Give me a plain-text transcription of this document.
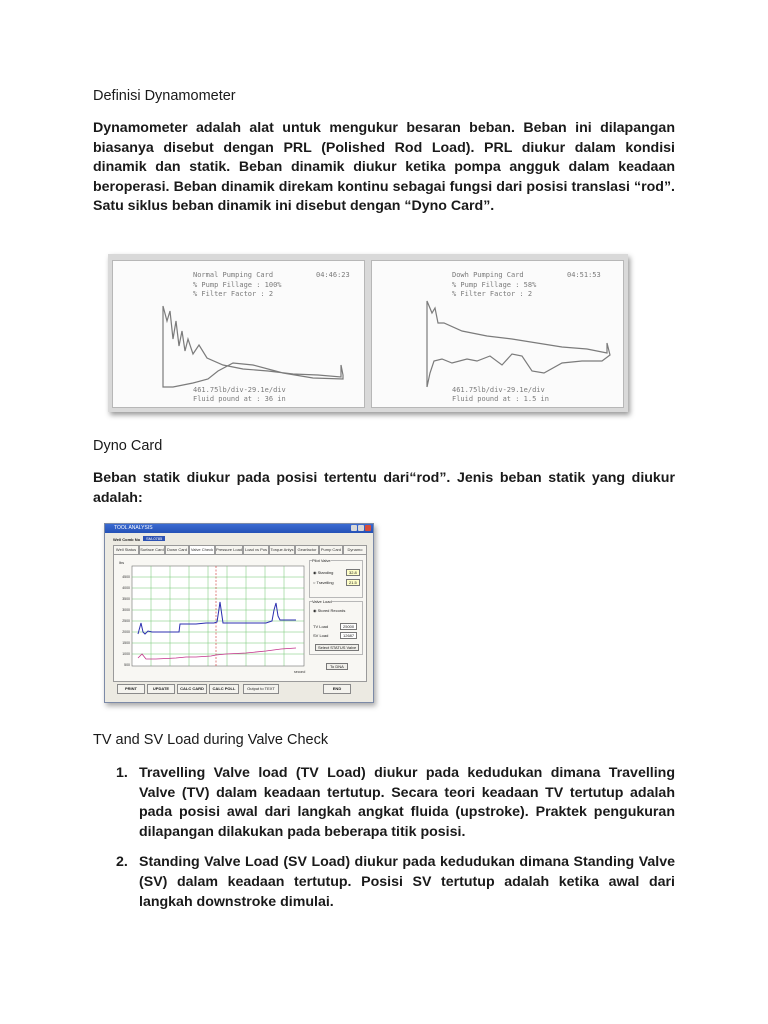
Definisi Dynamometer
Dynamometer adalah alat untuk mengukur besaran beban. Beban ini dilapangan biasanya disebut dengan PRL (Polished Rod Load). PRL diukur dalam kondisi dinamik dan statik. Beban dinamik diukur ketika pompa angguk dalam keadaan beroperasi. Beban dinamik direkam kontinu sebagai fungsi dari posisi translasi “rod”. Satu siklus beban dinamik ini disebut dengan “Dyno Card”.
Normal Pumping Card	04:46:23
% Pump Fillage : 100%
% Filter Factor : 2
461.75lb/div-29.1e/div
Fluid pound at : 36 in
Dowh Pumping Card	04:51:53
% Pump Fillage : 58%
% Filter Factor : 2
461.75lb/div-29.1e/div
Fluid pound at : 1.5 in
Dyno Card
Beban statik diukur pada posisi tertentu dari“rod”. Jenis beban statik yang diukur adalah:
TOOL ANALYSIS
Well Comb No	SM-0785
Well Status	Surface Card Down Card Valve Check Pressure Load Load vs Pos Torque Anlys	Gearfactor	Pump Card	Dynamo
lbs
4500
4000
3500
3000
2500
2000
1500
1000
500
second
Pilot Valve
◉ Standing	32.8
○ Travelling	21.5
Valve Load
◉ Stored Records
TV Load	25000
SV Load	12687
Select STATUS Valve
To DNA
PRINT	UPDATE	CALC CARD	CALC POLL	Output to TEXT	END
TV and SV Load during Valve Check
1. Travelling Valve load (TV Load) diukur pada kedudukan dimana Travelling Valve (TV) dalam keadaan tertutup. Secara teori keadaan TV tertutup adalah pada posisi awal dari langkah angkat fluida (upstroke). Praktek pengukuran dilapangan dilakukan pada beberapa titik posisi.
2. Standing Valve Load (SV Load) diukur pada kedudukan dimana Standing Valve (SV) dalam keadaan tertutup. Posisi SV tertutup adalah ketika awal dari langkah downstroke dimulai.
